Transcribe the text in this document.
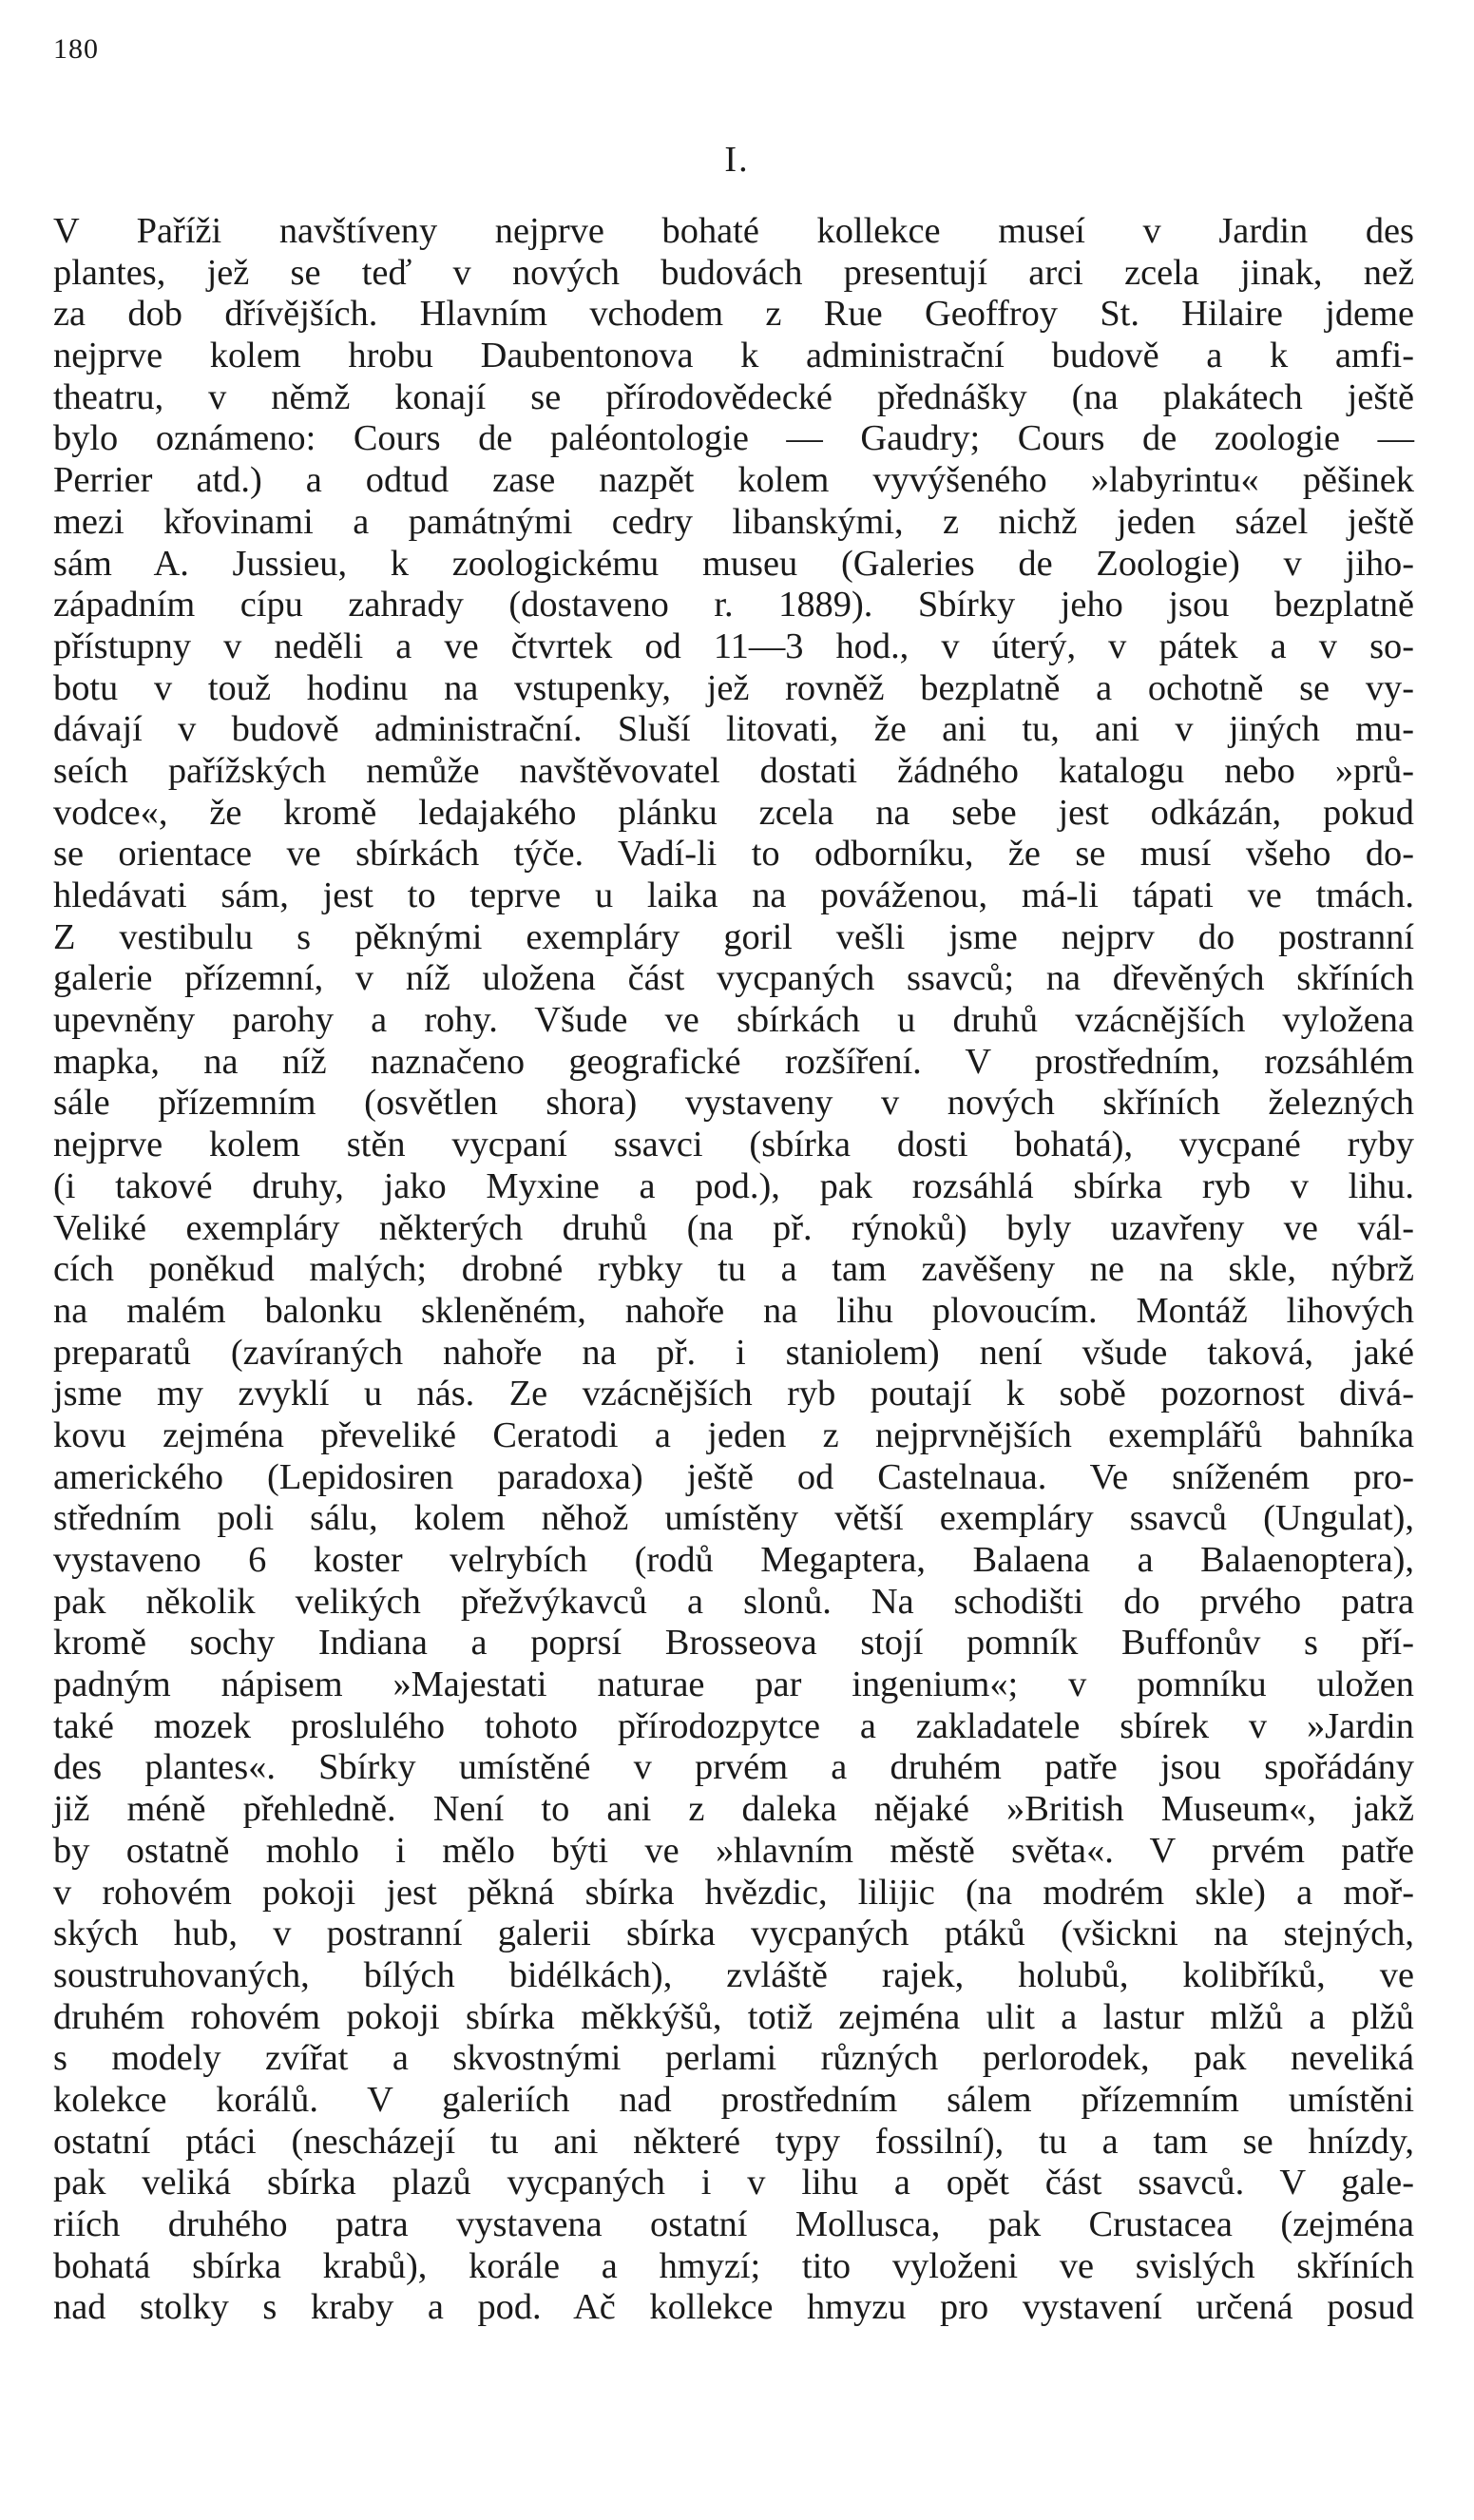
180
I.
V Paříži navštíveny nejprve bohaté kollekce museí v Jardin des
plantes, jež se teď v nových budovách presentují arci zcela jinak, než
za dob dřívějších. Hlavním vchodem z Rue Geoffroy St. Hilaire jdeme
nejprve kolem hrobu Daubentonova k administrační budově a k amfi-
theatru, v němž konají se přírodovědecké přednášky (na plakátech ještě
bylo oznámeno: Cours de paléontologie — Gaudry; Cours de zoologie —
Perrier atd.) a odtud zase nazpět kolem vyvýšeného »labyrintu« pěšinek
mezi křovinami a památnými cedry libanskými, z nichž jeden sázel ještě
sám A. Jussieu, k zoologickému museu (Galeries de Zoologie) v jiho-
západním cípu zahrady (dostaveno r. 1889). Sbírky jeho jsou bezplatně
přístupny v neděli a ve čtvrtek od 11—3 hod., v úterý, v pátek a v so-
botu v touž hodinu na vstupenky, jež rovněž bezplatně a ochotně se vy-
dávají v budově administrační. Sluší litovati, že ani tu, ani v jiných mu-
seích pařížských nemůže navštěvovatel dostati žádného katalogu nebo »prů-
vodce«, že kromě ledajakého plánku zcela na sebe jest odkázán, pokud
se orientace ve sbírkách týče. Vadí-li to odborníku, že se musí všeho do-
hledávati sám, jest to teprve u laika na pováženou, má-li tápati ve tmách.
Z vestibulu s pěknými exempláry goril vešli jsme nejprv do postranní
galerie přízemní, v níž uložena část vycpaných ssavců; na dřevěných skříních
upevněny parohy a rohy. Všude ve sbírkách u druhů vzácnějších vyložena
mapka, na níž naznačeno geografické rozšíření. V prostředním, rozsáhlém
sále přízemním (osvětlen shora) vystaveny v nových skříních železných
nejprve kolem stěn vycpaní ssavci (sbírka dosti bohatá), vycpané ryby
(i takové druhy, jako Myxine a pod.), pak rozsáhlá sbírka ryb v lihu.
Veliké exempláry některých druhů (na př. rýnoků) byly uzavřeny ve vál-
cích poněkud malých; drobné rybky tu a tam zavěšeny ne na skle, nýbrž
na malém balonku skleněném, nahoře na lihu plovoucím. Montáž lihových
preparatů (zavíraných nahoře na př. i staniolem) není všude taková, jaké
jsme my zvyklí u nás. Ze vzácnějších ryb poutají k sobě pozornost divá-
kovu zejména převeliké Ceratodi a jeden z nejprvnějších exemplářů bahníka
amerického (Lepidosiren paradoxa) ještě od Castelnaua. Ve sníženém pro-
středním poli sálu, kolem něhož umístěny větší exempláry ssavců (Ungulat),
vystaveno 6 koster velrybích (rodů Megaptera, Balaena a Balaenoptera),
pak několik velikých přežvýkavců a slonů. Na schodišti do prvého patra
kromě sochy Indiana a poprsí Brosseova stojí pomník Buffonův s pří-
padným nápisem »Majestati naturae par ingenium«; v pomníku uložen
také mozek proslulého tohoto přírodozpytce a zakladatele sbírek v »Jardin
des plantes«. Sbírky umístěné v prvém a druhém patře jsou spořádány
již méně přehledně. Není to ani z daleka nějaké »British Museum«, jakž
by ostatně mohlo i mělo býti ve »hlavním městě světa«. V prvém patře
v rohovém pokoji jest pěkná sbírka hvězdic, lilijic (na modrém skle) a moř-
ských hub, v postranní galerii sbírka vycpaných ptáků (všickni na stejných,
soustruhovaných, bílých bidélkách), zvláště rajek, holubů, kolibříků, ve
druhém rohovém pokoji sbírka měkkýšů, totiž zejména ulit a lastur mlžů a plžů
s modely zvířat a skvostnými perlami různých perlorodek, pak neveliká
kolekce korálů. V galeriích nad prostředním sálem přízemním umístěni
ostatní ptáci (nescházejí tu ani některé typy fossilní), tu a tam se hnízdy,
pak veliká sbírka plazů vycpaných i v lihu a opět část ssavců. V gale-
riích druhého patra vystavena ostatní Mollusca, pak Crustacea (zejména
bohatá sbírka krabů), korále a hmyzí; tito vyloženi ve svislých skříních
nad stolky s kraby a pod. Ač kollekce hmyzu pro vystavení určená posud
